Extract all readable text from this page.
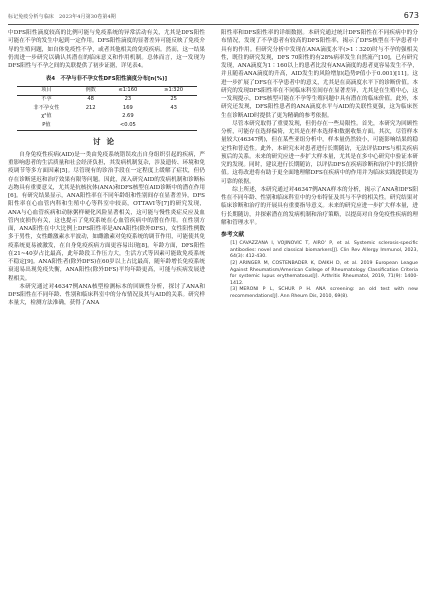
标记免疫分析与临床　2023年4月第30卷第4期	673

中DFS阳性滴度较高的比例可能与免疫系统的异常活动有关，尤其是DFS阳性可能在不孕的发生中起到一定作用。DFS阳性滴度的显著差异可能反映了免疫介导的生殖问题，如自体免疫性不孕，或者其他相关的免疫疾病。然而，这一结果仍需进一步研究以确认其潜在的临床意义和作用机制。总体而言，这一发现为DFS阳性与不孕之间的关联提供了初步证据，详见表4。

表4　不孕与非不孕女性DFS阳性滴度分布[n(%)]
项目	例数	≤1∶160	≥1∶320
不孕	48	23	25
非不孕女性	212	169	43
χ²值		2.69	
P值		<0.05	
讨论

自身免疫性疾病(AID)是一类由免疫系统错误攻击自身组织引起的疾病，严重影响患者的生活质量和社会经济负担，其发病机制复杂，涉及遗传、环境和免疫调节等多方面因素[5]。尽管现有的诊治手段在一定程度上缓解了症状，但仍存在诊断延迟和治疗效果有限等问题。因此，深入研究AID的发病机制和诊断标志物具有重要意义，尤其是抗核抗体(ANA)和DFS核型在AID诊断中的潜在作用[6]。有研究结果显示，ANA阳性率在不同年龄组和性别间存在显著差异，DFS阳性率在心血管内科和生殖中心等科室中较高，OTTAVI等[7]的研究发现，ANA与心血管疾病和动脉粥样硬化风险显著相关，这可能与慢性炎症反应及血管内皮损伤有关，这也提示了免疫系统在心血管疾病中的潜在作用。在性别方面，ANA阳性在中大比例上DFS阳性率是ANA阳性(除外DFS)，女性阳性例数多于男性，女性雌激素水平波动，如雌激素对免疫系统的调节作用，可能使其免疫系统更易被激发，在自身免疫疾病方面更容易出现[8]。年龄方面，DFS阳性在21~40岁占比最高，此年龄段工作压力大，生活方式等因素可能致免疫系统不稳定[9]。ANA阳性者(除外DFS)在60岁以上占比最高，随年龄增长免疫系统衰退易出现免疫失衡，ANA阳性(除外DFS)平均年龄更高，可能与疾病发展进程相关。

本研究通过对46347例ANA核型检测标本的回顾性分析，探讨了ANA和DFS阳性在不同年龄、性别和临床科室中的分布情况及其与AID的关系。研究样本量大，检测方法准确，获得了ANA

阳性率和DFS阳性率的详细数据。本研究通过统计DFS阳性在不同疾病中的分布情况，发现了不孕患者有较高的DFS阳性率，揭示了DFS核型在不孕患者中具有的作用。但研究分析中发现在ANA滴度水平(>1∶320)时与不孕的强相关性，既往的研究发现，DFS 70阳性的有28%病率发生自然流产[10]，已有研究发现，ANA滴度为1∶160以上的患者比没有ANA滴度的患者更容易发生不孕，并且随着ANA滴度的升高，AID发生的风险增加(趋势P值小于0.001)[11]。这进一步扩展了DFS在不孕患者中的意义，尤其是在高滴度水平下的诊断价值。本研究的发现DFS阳性率在不同临床科室间存在显著差异，尤其是在生殖中心，这一发现提示，DFS核型可能在不孕等生殖问题中具有潜在的临床价值。此外，本研究还发现，DFS阳性患者的ANA滴度水平与AID的关联性更强，这为临床医生在诊断AID时提供了更为精确的参考依据。

尽管本研究取得了重要发现，但仍存在一些局限性。首先，本研究为回顾性分析，可能存在选择偏倚，尤其是在样本选择和数据收集方面。其次，尽管样本量较大(46347例)，但在某些亚组分析中，样本量仍然较小，可能影响结果的稳定性和普适性。此外，本研究未对患者进行长期随访，无法评估DFS与相关疾病预后的关系。未来的研究应进一步扩大样本量，尤其是在多中心研究中验证本研究的发现。同时，建议进行长期随访，以评估DFS在疾病诊断和治疗中的长期价值。这将改进将有助于更全面地理解DFS在疾病中的作用并为临床实践提供更为可靠的依据。

综上所述，本研究通过对46347例ANA样本的分析，揭示了ANA和DFS阳性在不同年龄、性别和临床科室中的分布特征及其与不孕的相关性。研究结果对临床诊断和治疗的开展具有重要指导意义。未来的研究应进一步扩大样本量，进行长期随访，并探索潜在的发病机制和治疗策略，以提高对自身免疫性疾病的理解和管理水平。

参考文献

[1] CAVAZZANA I, VOJINOVIC T, AIRO' P, et al. Systemic sclerosis-specific antibodies: novel and classical biomarkers[J]. Clin Rev Allergy Immunol, 2023, 64(3): 412-430.

[2] ARINGER M, COSTENBADER K, DAIKH D, et al. 2019 European League Against Rheumatism/American College of Rheumatology Classification Criteria for systemic lupus erythematosus[J]. Arthritis Rheumatol, 2019, 71(9): 1400-1412.

[3] MERONI P L, SCHUR P H. ANA screening: an old test with new recommendations[J]. Ann Rheum Dis, 2010, 69(8).
